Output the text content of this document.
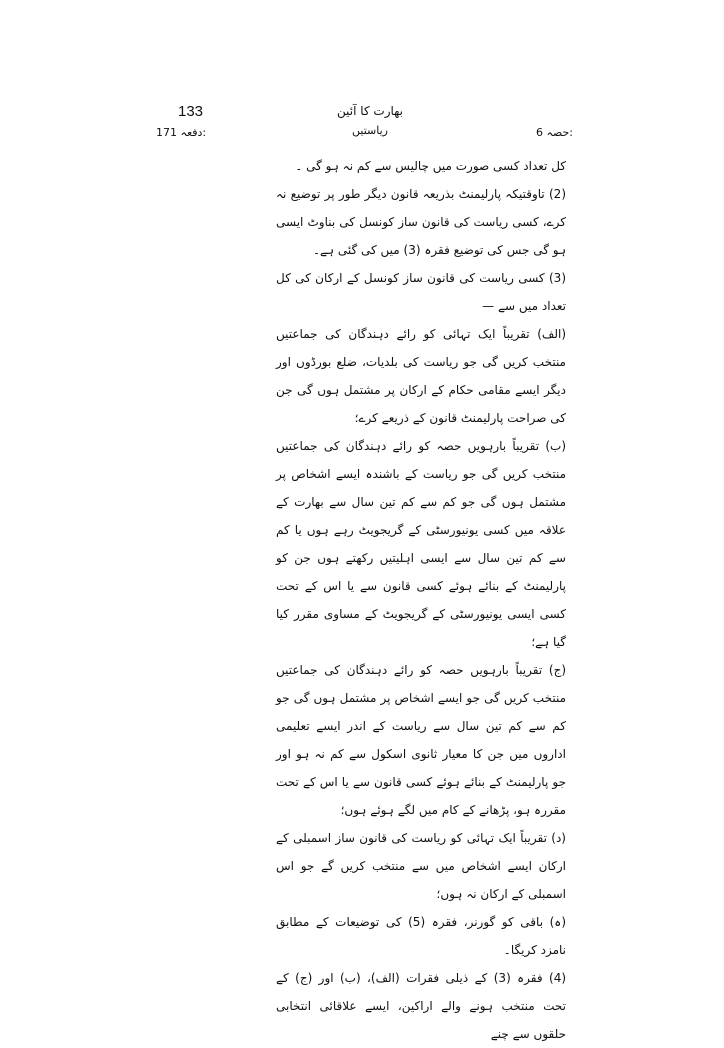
133	بھارت کا آئین
ریاستیں
دفعہ 171:	حصہ 6:

کل تعداد کسی صورت میں چالیس سے کم نہ ہو گی ۔

(2) تاوقتیکہ پارلیمنٹ بذریعہ قانون دیگر طور پر توضیع نہ کرے، کسی ریاست کی قانون ساز کونسل کی بناوٹ ایسی ہو گی جس کی توضیع فقرہ (3) میں کی گئی ہے۔

(3) کسی ریاست کی قانون ساز کونسل کے ارکان کی کل تعداد میں سے —

(الف) تقریباً ایک تہائی کو رائے دہندگان کی جماعتیں منتخب کریں گی جو ریاست کی بلدیات، ضلع بورڈوں اور دیگر ایسے مقامی حکام کے ارکان پر مشتمل ہوں گی جن کی صراحت پارلیمنٹ قانون کے ذریعے کرے؛

(ب) تقریباً بارہویں حصہ کو رائے دہندگان کی جماعتیں منتخب کریں گی جو ریاست کے باشندہ ایسے اشخاص پر مشتمل ہوں گی جو کم سے کم تین سال سے بھارت کے علاقہ میں کسی یونیورسٹی کے گریجویٹ رہے ہوں یا کم سے کم تین سال سے ایسی اہلیتیں رکھتے ہوں جن کو پارلیمنٹ کے بنائے ہوئے کسی قانون سے یا اس کے تحت کسی ایسی یونیورسٹی کے گریجویٹ کے مساوی مقرر کیا گیا ہے؛

(ج) تقریباً بارہویں حصہ کو رائے دہندگان کی جماعتیں منتخب کریں گی جو ایسے اشخاص پر مشتمل ہوں گی جو کم سے کم تین سال سے ریاست کے اندر ایسے تعلیمی اداروں میں جن کا معیار ثانوی اسکول سے کم نہ ہو اور جو پارلیمنٹ کے بنائے ہوئے کسی قانون سے یا اس کے تحت مقررہ ہو، پڑھانے کے کام میں لگے ہوئے ہوں؛

(د) تقریباً ایک تہائی کو ریاست کی قانون ساز اسمبلی کے ارکان ایسے اشخاص میں سے منتخب کریں گے جو اس اسمبلی کے ارکان نہ ہوں؛

(ہ) باقی کو گورنر، فقرہ (5) کی توضیعات کے مطابق نامزد کریگا۔

(4) فقرہ (3) کے ذیلی فقرات (الف)، (ب) اور (ج) کے تحت منتخب ہونے والے اراکین، ایسے علاقائی انتخابی حلقوں سے چنے
